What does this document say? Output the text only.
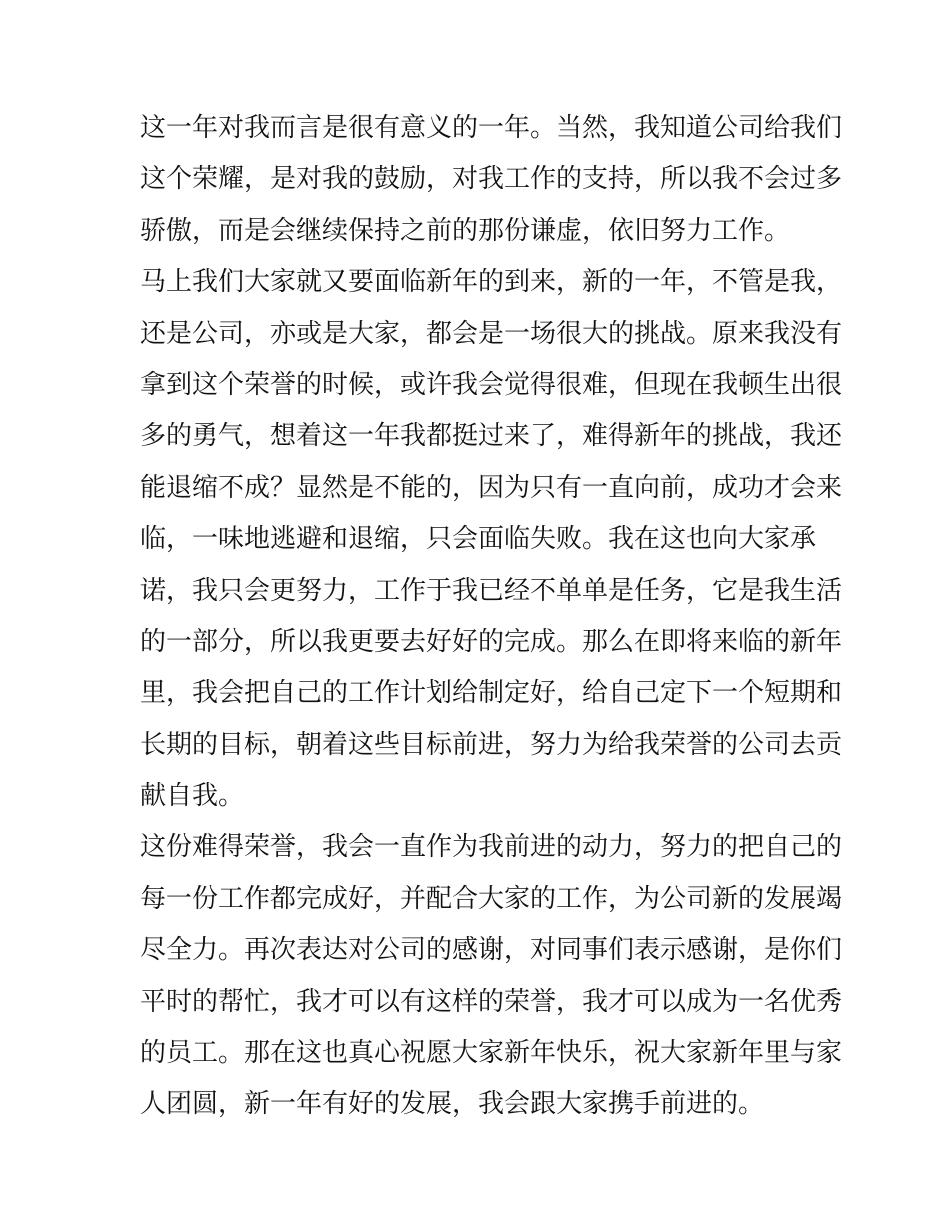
这一年对我而言是很有意义的一年。当然，我知道公司给我们
这个荣耀，是对我的鼓励，对我工作的支持，所以我不会过多
骄傲，而是会继续保持之前的那份谦虚，依旧努力工作。
马上我们大家就又要面临新年的到来，新的一年，不管是我，
还是公司，亦或是大家，都会是一场很大的挑战。原来我没有
拿到这个荣誉的时候，或许我会觉得很难，但现在我顿生出很
多的勇气，想着这一年我都挺过来了，难得新年的挑战，我还
能退缩不成？显然是不能的，因为只有一直向前，成功才会来
临，一味地逃避和退缩，只会面临失败。我在这也向大家承
诺，我只会更努力，工作于我已经不单单是任务，它是我生活
的一部分，所以我更要去好好的完成。那么在即将来临的新年
里，我会把自己的工作计划给制定好，给自己定下一个短期和
长期的目标，朝着这些目标前进，努力为给我荣誉的公司去贡
献自我。
这份难得荣誉，我会一直作为我前进的动力，努力的把自己的
每一份工作都完成好，并配合大家的工作，为公司新的发展竭
尽全力。再次表达对公司的感谢，对同事们表示感谢，是你们
平时的帮忙，我才可以有这样的荣誉，我才可以成为一名优秀
的员工。那在这也真心祝愿大家新年快乐，祝大家新年里与家
人团圆，新一年有好的发展，我会跟大家携手前进的。
